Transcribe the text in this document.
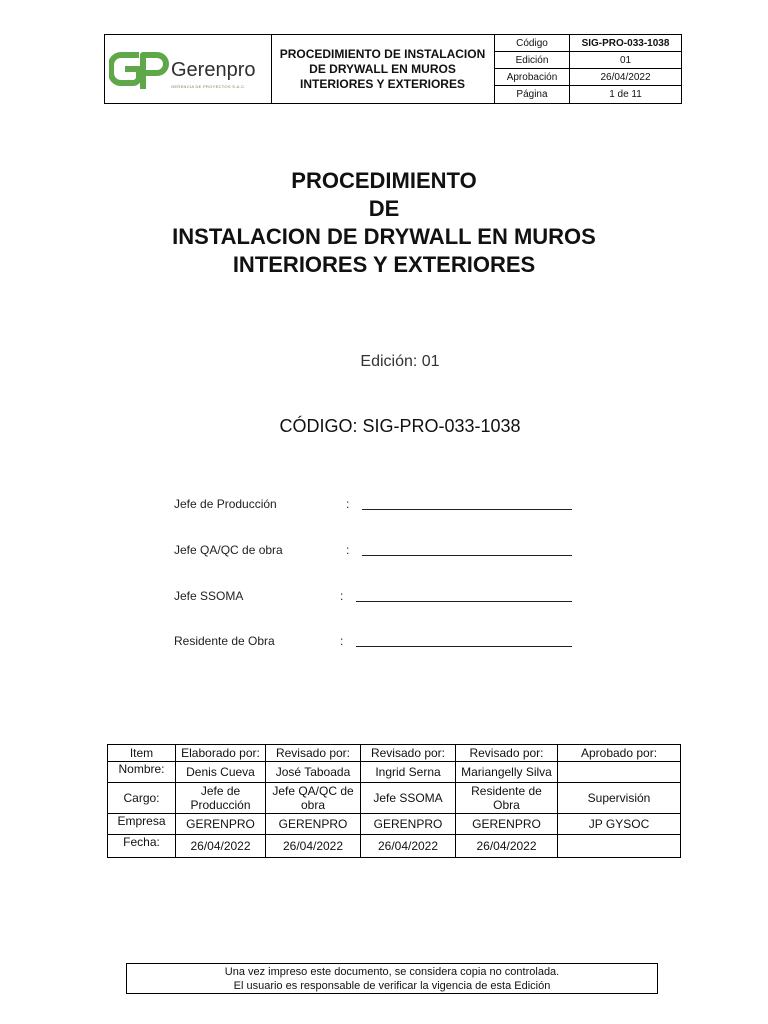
Gerenpro
GERENCIA DE PROYECTOS S.A.C.
PROCEDIMIENTO DE INSTALACION DE DRYWALL EN MUROS INTERIORES Y EXTERIORES
Código	SIG-PRO-033-1038
Edición	01
Aprobación	26/04/2022
Página	1 de 11
PROCEDIMIENTO
DE
INSTALACION DE DRYWALL EN MUROS
INTERIORES Y EXTERIORES
Edición: 01
CÓDIGO: SIG-PRO-033-1038
Jefe de Producción	:
Jefe QA/QC de obra	:
Jefe SSOMA	:
Residente de Obra	:
Item	Elaborado por:	Revisado por:	Revisado por:	Revisado por:	Aprobado por:
Nombre:	Denis Cueva	José Taboada	Ingrid Serna	Mariangelly Silva	
Cargo:	Jefe de Producción	Jefe QA/QC de obra	Jefe SSOMA	Residente de Obra	Supervisión
Empresa	GERENPRO	GERENPRO	GERENPRO	GERENPRO	JP GYSOC
Fecha:	26/04/2022	26/04/2022	26/04/2022	26/04/2022	
Una vez impreso este documento, se considera copia no controlada.
El usuario es responsable de verificar la vigencia de esta Edición
